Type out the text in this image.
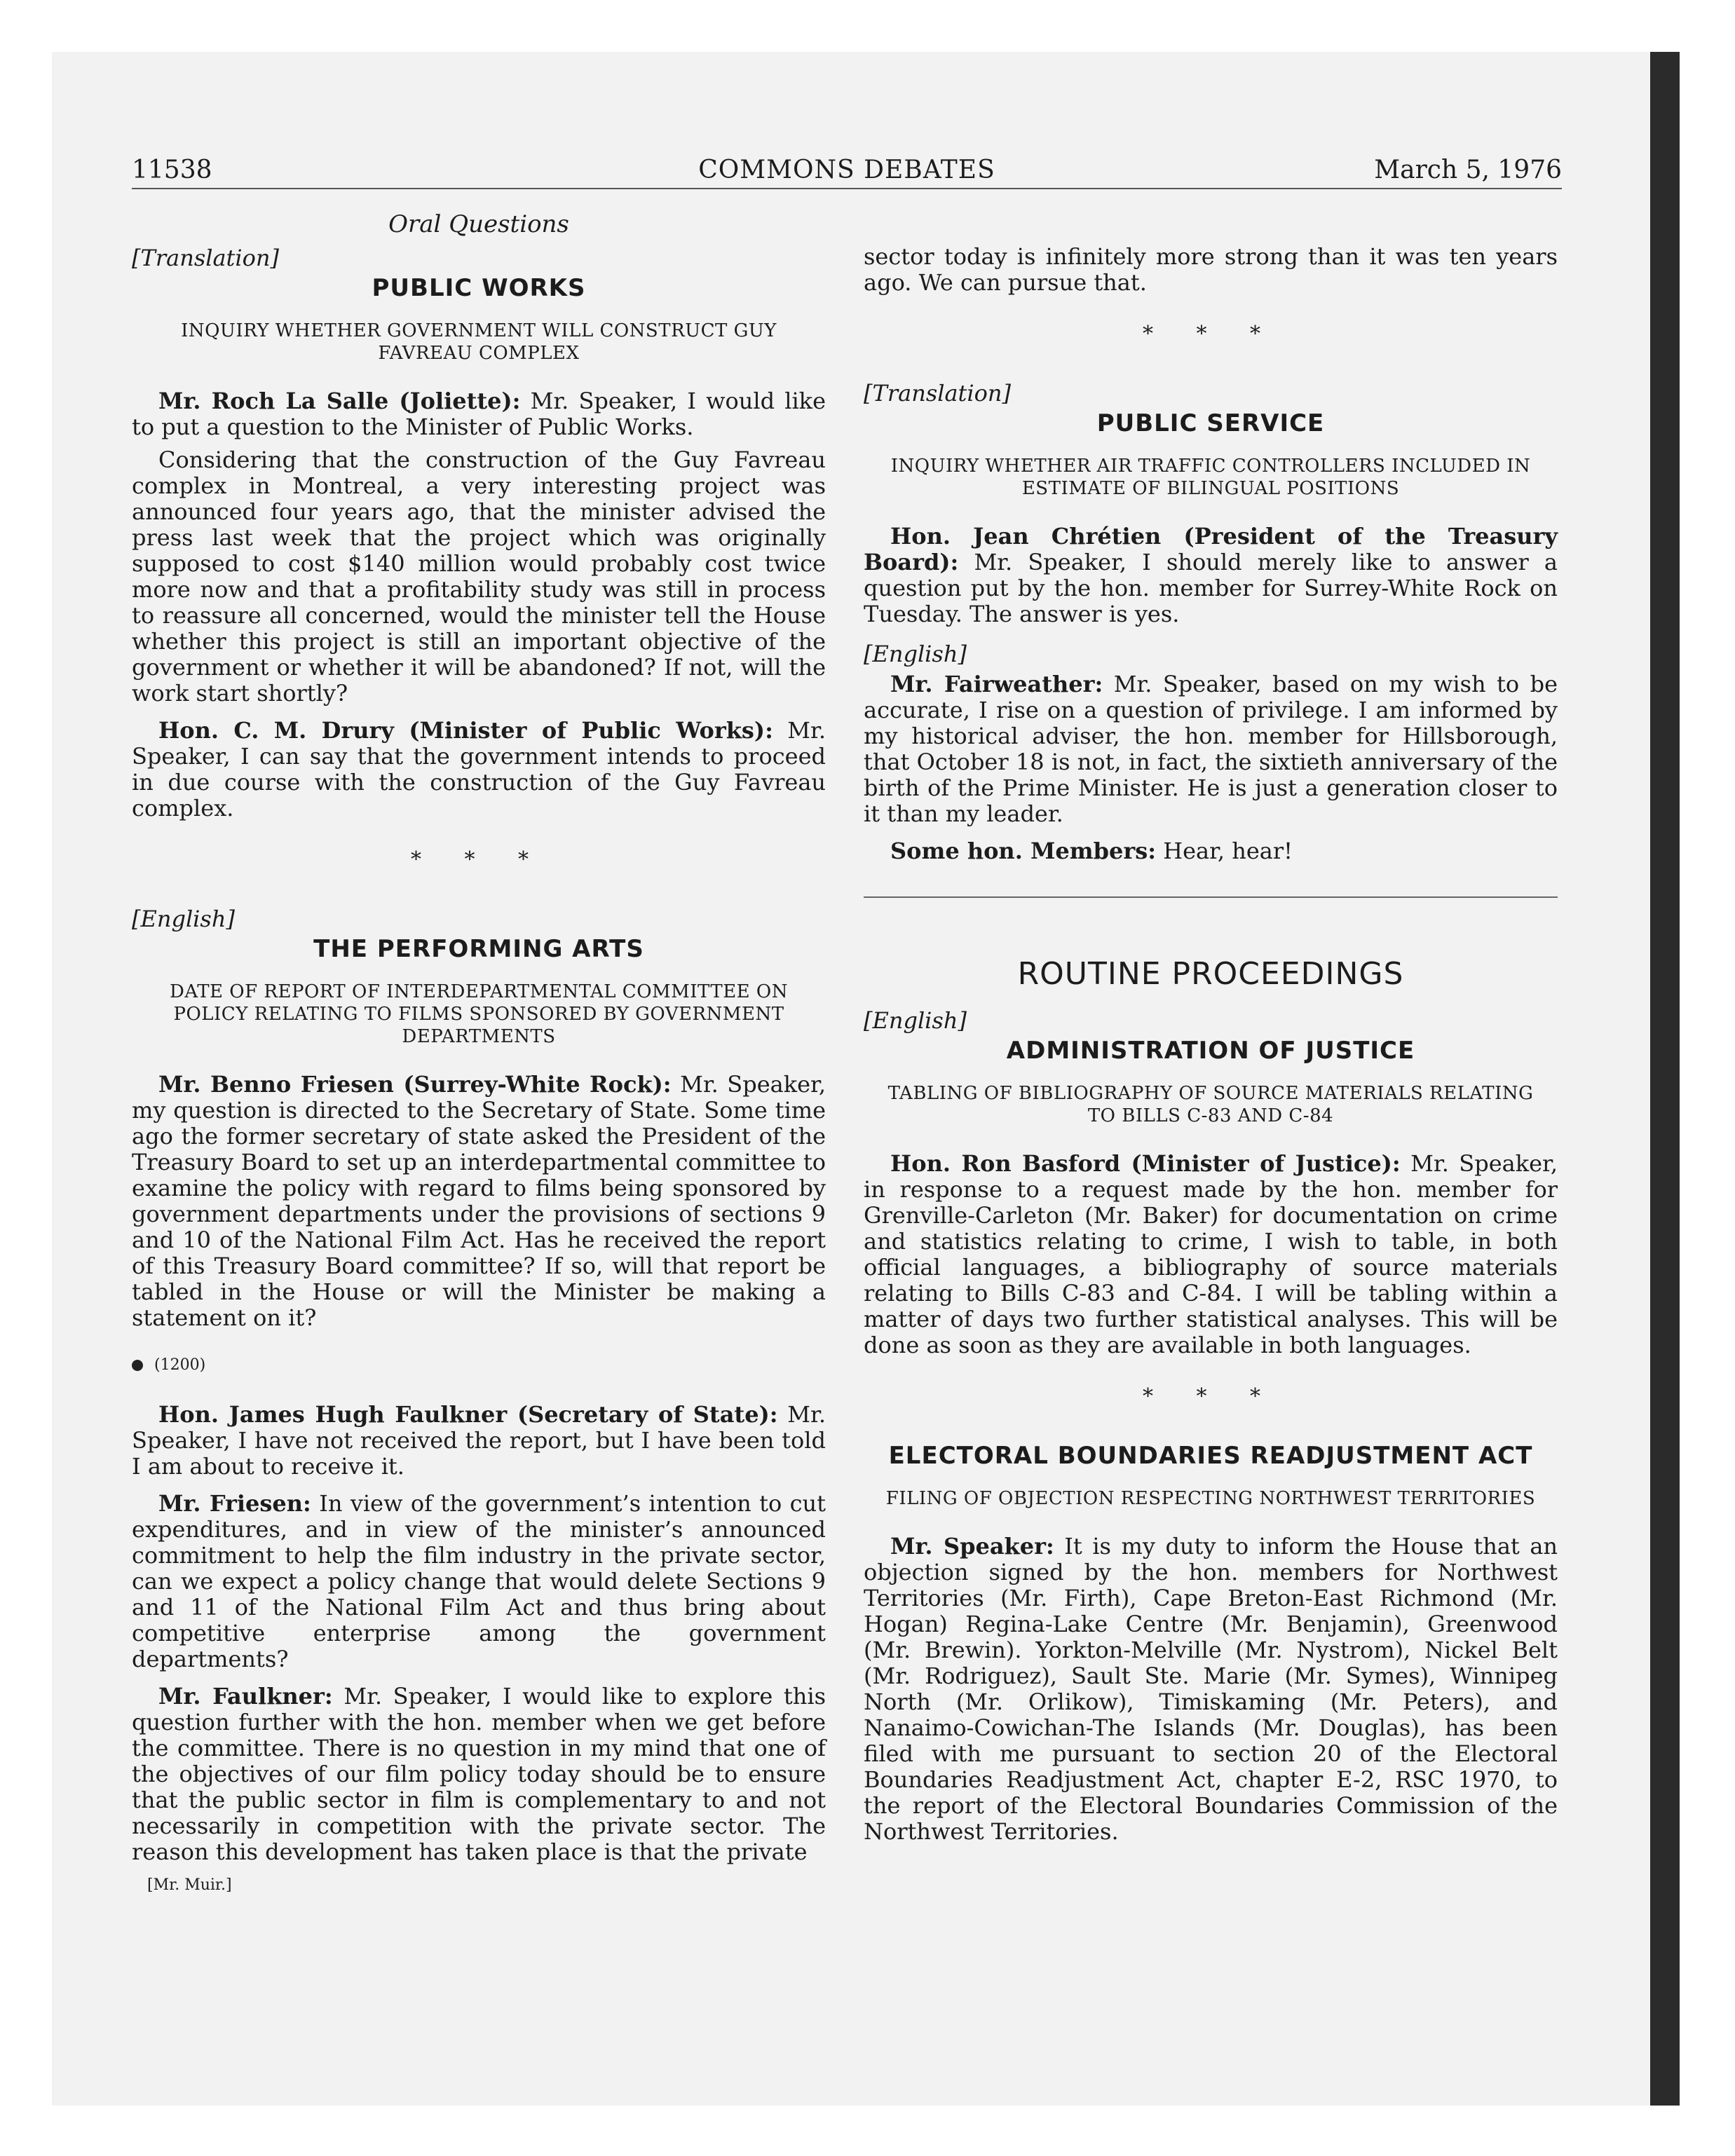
COMMONS DEBATES
11538	March 5, 1976
Oral Questions
[Translation]
PUBLIC WORKS
INQUIRY WHETHER GOVERNMENT WILL CONSTRUCT GUY FAVREAU COMPLEX

Mr. Roch La Salle (Joliette): Mr. Speaker, I would like to put a question to the Minister of Public Works.

Considering that the construction of the Guy Favreau complex in Montreal, a very interesting project was announced four years ago, that the minister advised the press last week that the project which was originally supposed to cost $140 million would probably cost twice more now and that a profitability study was still in process to reassure all concerned, would the minister tell the House whether this project is still an important objective of the government or whether it will be abandoned? If not, will the work start shortly?

Hon. C. M. Drury (Minister of Public Works): Mr. Speaker, I can say that the government intends to proceed in due course with the construction of the Guy Favreau complex.

* * *
[English]
THE PERFORMING ARTS
DATE OF REPORT OF INTERDEPARTMENTAL COMMITTEE ON POLICY RELATING TO FILMS SPONSORED BY GOVERNMENT DEPARTMENTS

Mr. Benno Friesen (Surrey-White Rock): Mr. Speaker, my question is directed to the Secretary of State. Some time ago the former secretary of state asked the President of the Treasury Board to set up an interdepartmental committee to examine the policy with regard to films being sponsored by government departments under the provisions of sections 9 and 10 of the National Film Act. Has he received the report of this Treasury Board committee? If so, will that report be tabled in the House or will the Minister be making a statement on it?

(1200)

Hon. James Hugh Faulkner (Secretary of State): Mr. Speaker, I have not received the report, but I have been told I am about to receive it.

Mr. Friesen: In view of the government’s intention to cut expenditures, and in view of the minister’s announced commitment to help the film industry in the private sector, can we expect a policy change that would delete Sections 9 and 11 of the National Film Act and thus bring about competitive enterprise among the government departments?

Mr. Faulkner: Mr. Speaker, I would like to explore this question further with the hon. member when we get before the committee. There is no question in my mind that one of the objectives of our film policy today should be to ensure that the public sector in film is complementary to and not necessarily in competition with the private sector. The reason this development has taken place is that the private

[Mr. Muir.]

sector today is infinitely more strong than it was ten years ago. We can pursue that.

* * *
[Translation]
PUBLIC SERVICE
INQUIRY WHETHER AIR TRAFFIC CONTROLLERS INCLUDED IN ESTIMATE OF BILINGUAL POSITIONS

Hon. Jean Chrétien (President of the Treasury Board): Mr. Speaker, I should merely like to answer a question put by the hon. member for Surrey-White Rock on Tuesday. The answer is yes.

[English]

Mr. Fairweather: Mr. Speaker, based on my wish to be accurate, I rise on a question of privilege. I am informed by my historical adviser, the hon. member for Hillsborough, that October 18 is not, in fact, the sixtieth anniversary of the birth of the Prime Minister. He is just a generation closer to it than my leader.

Some hon. Members: Hear, hear!

ROUTINE PROCEEDINGS
[English]
ADMINISTRATION OF JUSTICE
TABLING OF BIBLIOGRAPHY OF SOURCE MATERIALS RELATING TO BILLS C-83 AND C-84

Hon. Ron Basford (Minister of Justice): Mr. Speaker, in response to a request made by the hon. member for Grenville-Carleton (Mr. Baker) for documentation on crime and statistics relating to crime, I wish to table, in both official languages, a bibliography of source materials relating to Bills C-83 and C-84. I will be tabling within a matter of days two further statistical analyses. This will be done as soon as they are available in both languages.

* * *
ELECTORAL BOUNDARIES READJUSTMENT ACT
FILING OF OBJECTION RESPECTING NORTHWEST TERRITORIES

Mr. Speaker: It is my duty to inform the House that an objection signed by the hon. members for Northwest Territories (Mr. Firth), Cape Breton-East Richmond (Mr. Hogan) Regina-Lake Centre (Mr. Benjamin), Greenwood (Mr. Brewin). Yorkton-Melville (Mr. Nystrom), Nickel Belt (Mr. Rodriguez), Sault Ste. Marie (Mr. Symes), Winnipeg North (Mr. Orlikow), Timiskaming (Mr. Peters), and Nanaimo-Cowichan-The Islands (Mr. Douglas), has been filed with me pursuant to section 20 of the Electoral Boundaries Readjustment Act, chapter E-2, RSC 1970, to the report of the Electoral Boundaries Commission of the Northwest Territories.
